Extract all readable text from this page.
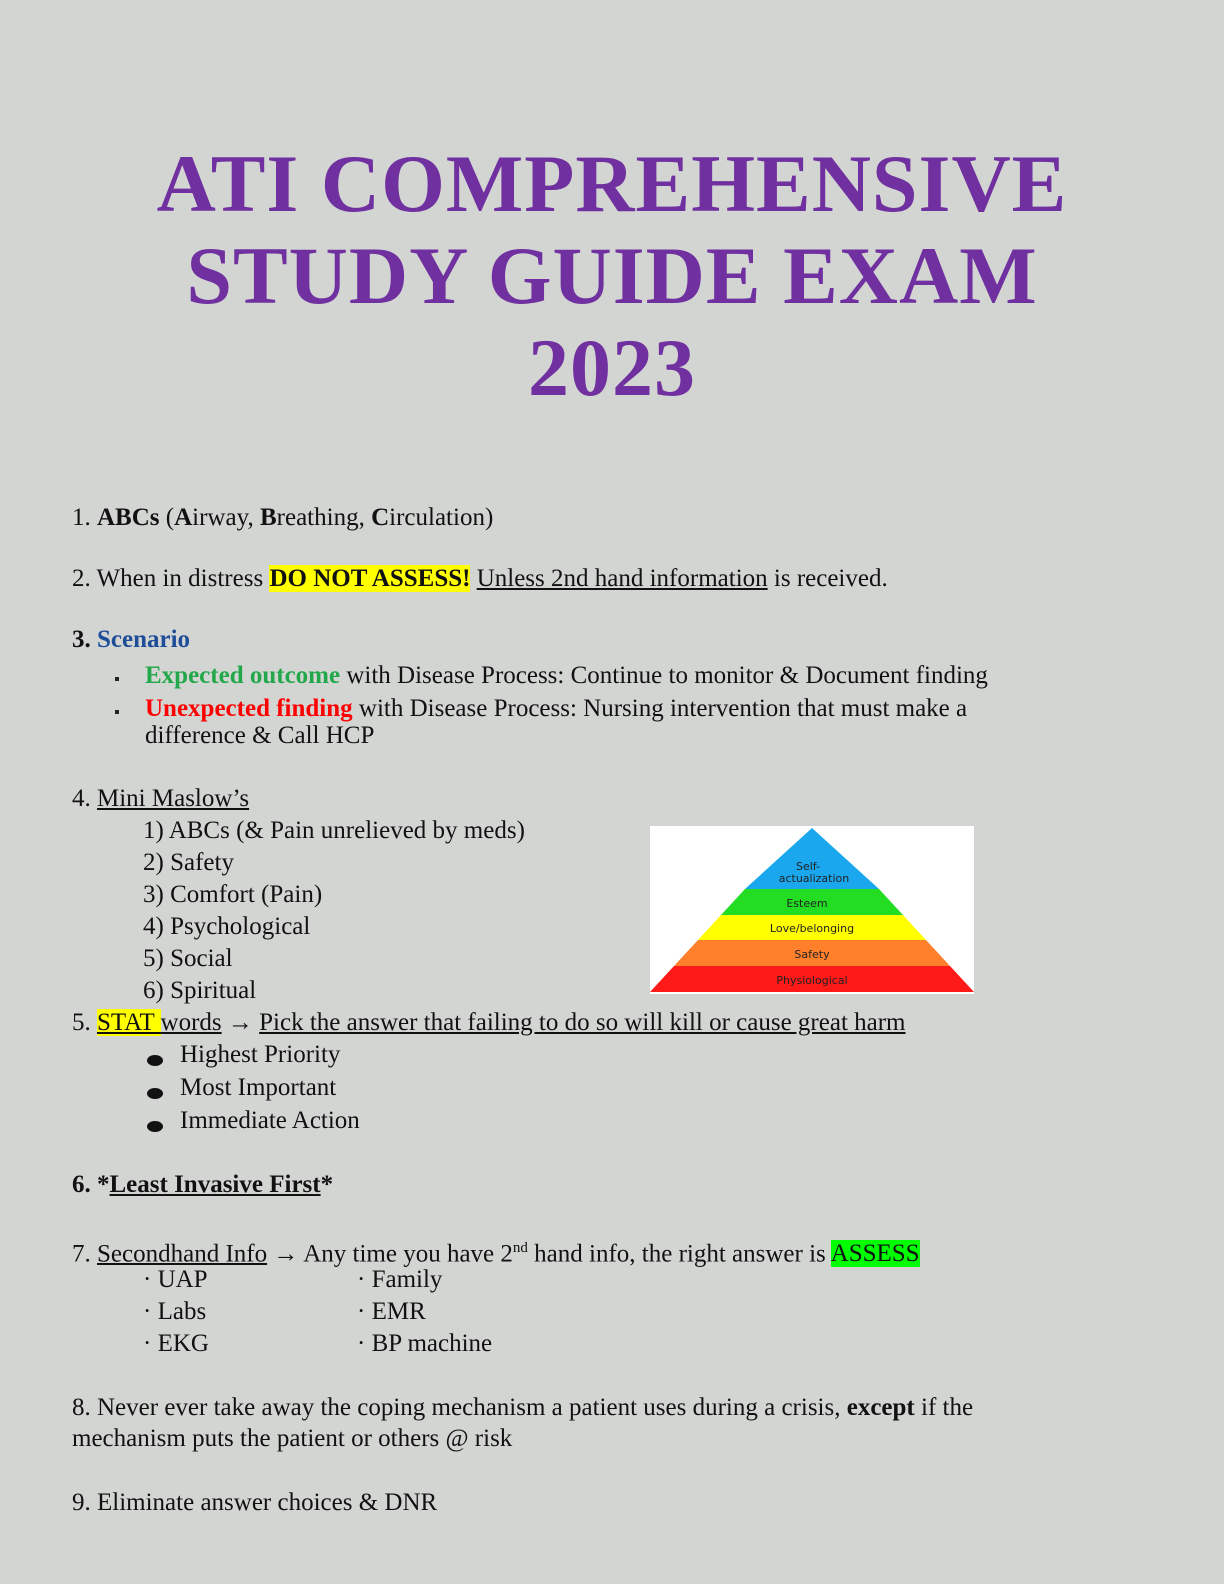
ATI COMPREHENSIVE
STUDY GUIDE EXAM
2023
1. ABCs (Airway, Breathing, Circulation)
2. When in distress DO NOT ASSESS! Unless 2nd hand information is received.
3. Scenario
Expected outcome with Disease Process: Continue to monitor & Document finding
Unexpected finding with Disease Process: Nursing intervention that must make a
difference & Call HCP
4. Mini Maslow’s
1) ABCs (& Pain unrelieved by meds)
2) Safety
3) Comfort (Pain)
4) Psychological
5) Social
6) Spiritual	Physiological
Safety
Love/belonging
Esteem
Self-
actualization
5. STAT words → Pick the answer that failing to do so will kill or cause great harm
Highest Priority
Most Important
Immediate Action
6. *Least Invasive First*
7. Secondhand Info → Any time you have 2nd hand info, the right answer is ASSESS
· UAP
· Labs
· EKG
· Family
· EMR
· BP machine
8. Never ever take away the coping mechanism a patient uses during a crisis, except if the
mechanism puts the patient or others @ risk
9. Eliminate answer choices & DNR
